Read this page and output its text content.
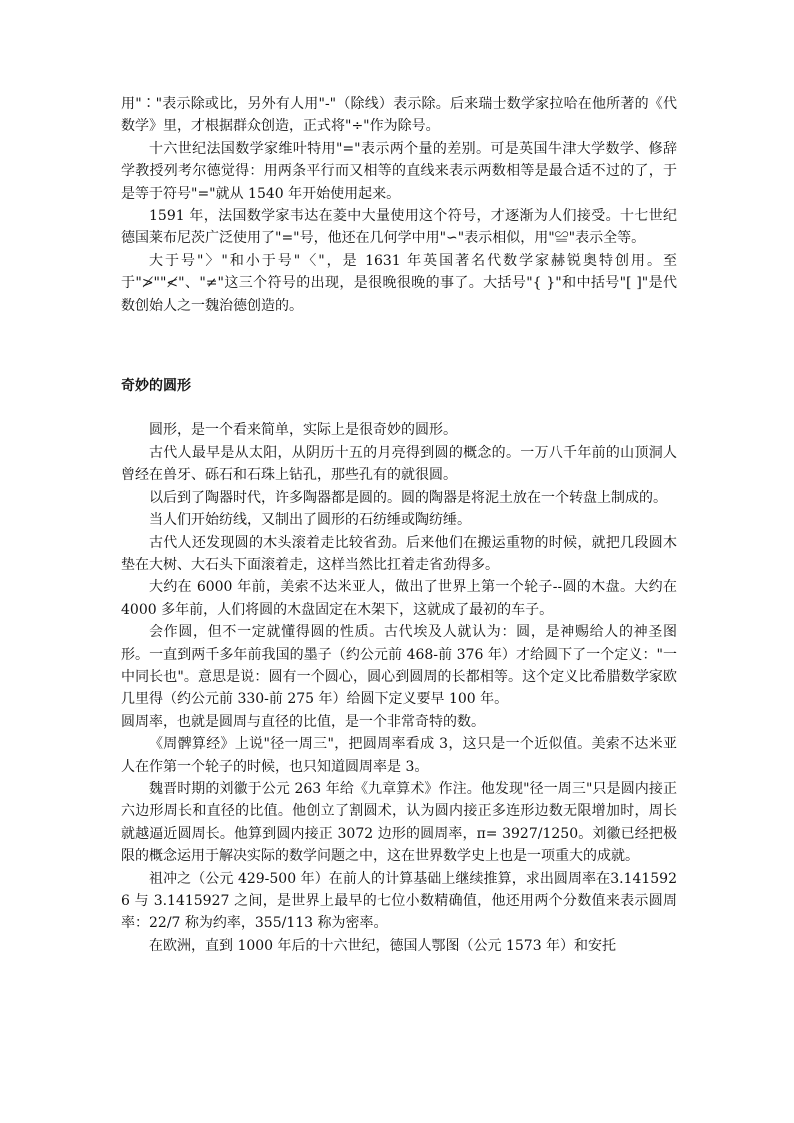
用"∶"表示除或比，另外有人用"-"（除线）表示除。后来瑞士数学家拉哈在他所著的《代数学》里，才根据群众创造，正式将"÷"作为除号。

十六世纪法国数学家维叶特用"="表示两个量的差别。可是英国牛津大学数学、修辞学教授列考尔德觉得：用两条平行而又相等的直线来表示两数相等是最合适不过的了，于是等于符号"="就从 1540 年开始使用起来。

1591 年，法国数学家韦达在菱中大量使用这个符号，才逐渐为人们接受。十七世纪德国莱布尼茨广泛使用了"="号，他还在几何学中用"∽"表示相似，用"≌"表示全等。

大于号"〉"和小于号"〈"，是 1631 年英国著名代数学家赫锐奥特创用。至于"≯""≮"、"≠"这三个符号的出现，是很晚很晚的事了。大括号"{ }"和中括号"[ ]"是代数创始人之一魏治德创造的。

奇妙的圆形

圆形，是一个看来简单，实际上是很奇妙的圆形。

古代人最早是从太阳，从阴历十五的月亮得到圆的概念的。一万八千年前的山顶洞人曾经在兽牙、砾石和石珠上钻孔，那些孔有的就很圆。

以后到了陶器时代，许多陶器都是圆的。圆的陶器是将泥土放在一个转盘上制成的。

当人们开始纺线，又制出了圆形的石纺缍或陶纺缍。

古代人还发现圆的木头滚着走比较省劲。后来他们在搬运重物的时候，就把几段圆木垫在大树、大石头下面滚着走，这样当然比扛着走省劲得多。

大约在 6000 年前，美索不达米亚人，做出了世界上第一个轮子--圆的木盘。大约在 4000 多年前，人们将圆的木盘固定在木架下，这就成了最初的车子。

会作圆，但不一定就懂得圆的性质。古代埃及人就认为：圆，是神赐给人的神圣图形。一直到两千多年前我国的墨子（约公元前 468-前 376 年）才给圆下了一个定义："一中同长也"。意思是说：圆有一个圆心，圆心到圆周的长都相等。这个定义比希腊数学家欧几里得（约公元前 330-前 275 年）给圆下定义要早 100 年。

圆周率，也就是圆周与直径的比值，是一个非常奇特的数。

《周髀算经》上说"径一周三"，把圆周率看成 3，这只是一个近似值。美索不达米亚人在作第一个轮子的时候，也只知道圆周率是 3。

魏晋时期的刘徽于公元 263 年给《九章算术》作注。他发现"径一周三"只是圆内接正六边形周长和直径的比值。他创立了割圆术，认为圆内接正多连形边数无限增加时，周长就越逼近圆周长。他算到圆内接正 3072 边形的圆周率，π= 3927/1250。刘徽已经把极限的概念运用于解决实际的数学问题之中，这在世界数学史上也是一项重大的成就。

祖冲之（公元 429-500 年）在前人的计算基础上继续推算，求出圆周率在3.1415926 与 3.1415927 之间，是世界上最早的七位小数精确值，他还用两个分数值来表示圆周率：22/7 称为约率，355/113 称为密率。

在欧洲，直到 1000 年后的十六世纪，德国人鄂图（公元 1573 年）和安托
